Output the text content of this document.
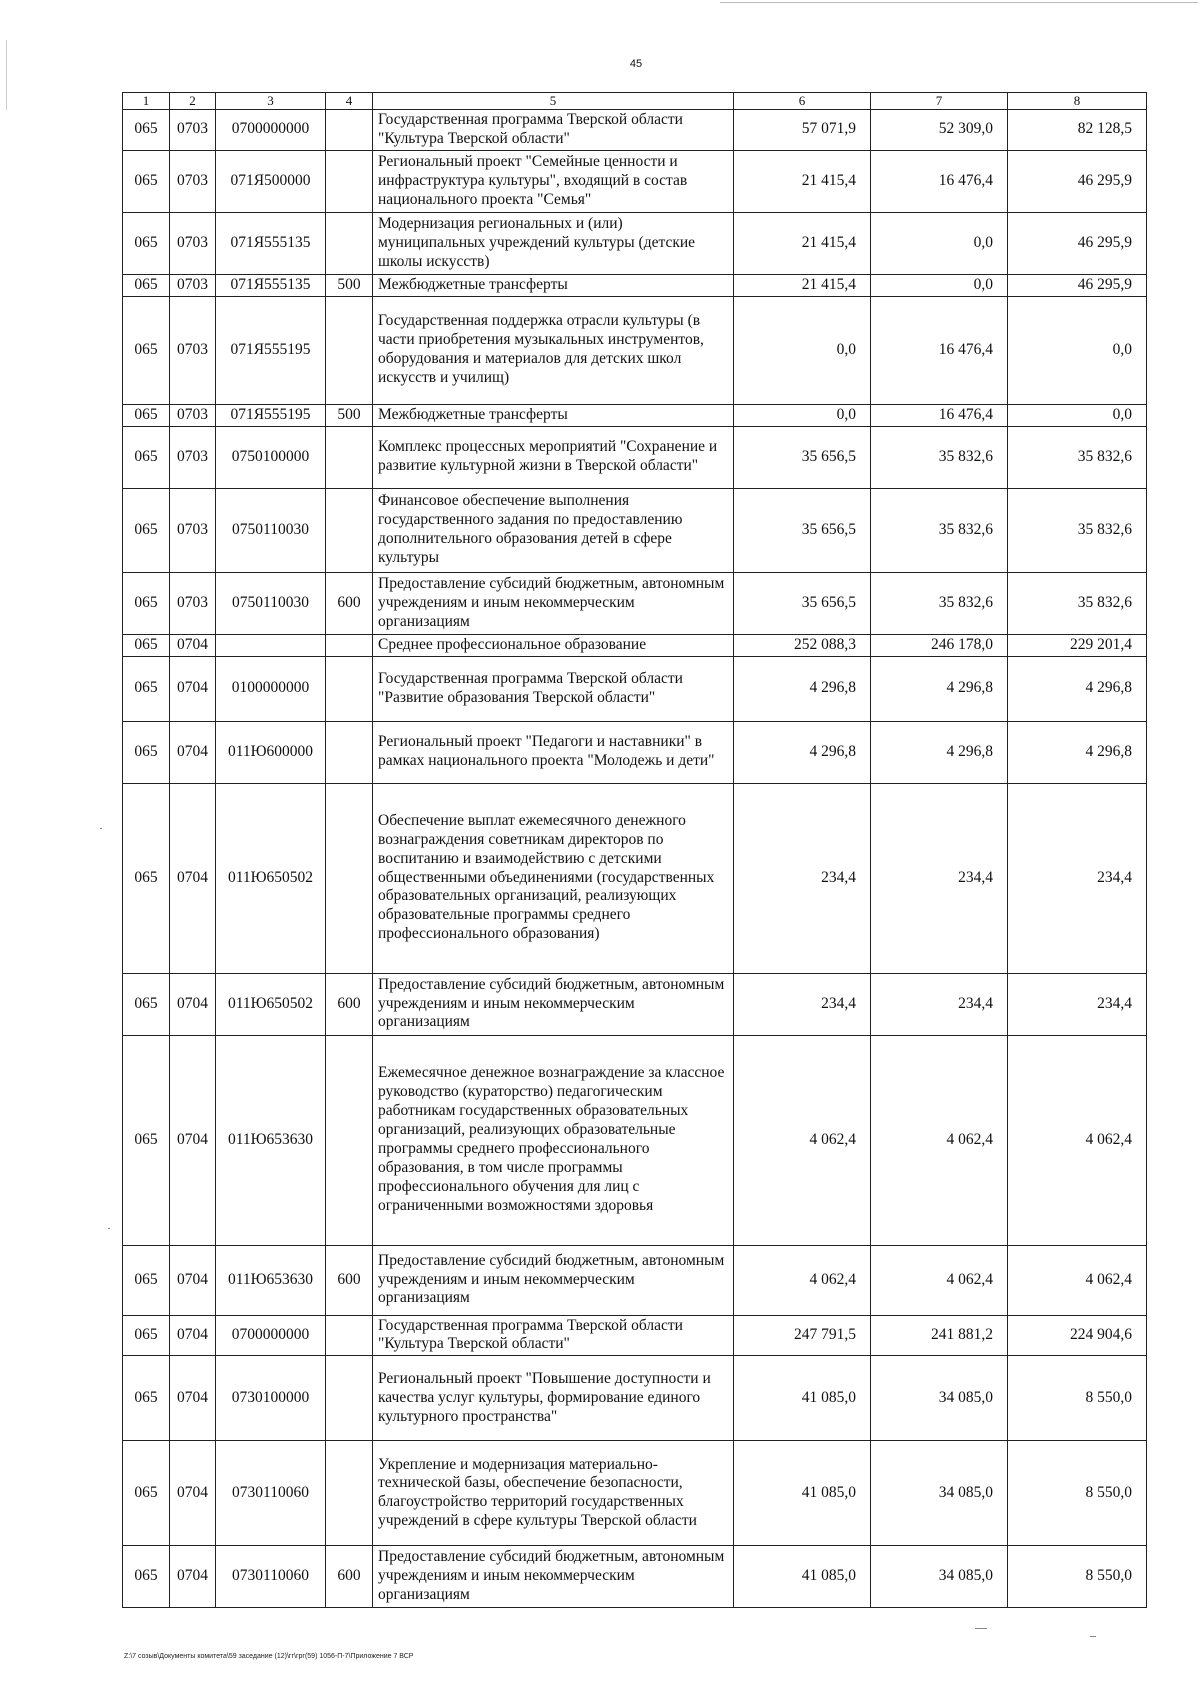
45
1	2	3	4	5	6	7	8
065	0703	0700000000		Государственная программа Тверской области "Культура Тверской области"	57 071,9	52 309,0	82 128,5
065	0703	071Я500000		Региональный проект "Семейные ценности и инфраструктура культуры", входящий в состав национального проекта "Семья"	21 415,4	16 476,4	46 295,9
065	0703	071Я555135		Модернизация региональных и (или) муниципальных учреждений культуры (детские школы искусств)	21 415,4	0,0	46 295,9
065	0703	071Я555135	500	Межбюджетные трансферты	21 415,4	0,0	46 295,9
065	0703	071Я555195		Государственная поддержка отрасли культуры (в части приобретения музыкальных инструментов, оборудования и материалов для детских школ искусств и училищ)	0,0	16 476,4	0,0
065	0703	071Я555195	500	Межбюджетные трансферты	0,0	16 476,4	0,0
065	0703	0750100000		Комплекс процессных мероприятий "Сохранение и развитие культурной жизни в Тверской области"	35 656,5	35 832,6	35 832,6
065	0703	0750110030		Финансовое обеспечение выполнения государственного задания по предоставлению дополнительного образования детей в сфере культуры	35 656,5	35 832,6	35 832,6
065	0703	0750110030	600	Предоставление субсидий бюджетным, автономным учреждениям и иным некоммерческим организациям	35 656,5	35 832,6	35 832,6
065	0704			Среднее профессиональное образование	252 088,3	246 178,0	229 201,4
065	0704	0100000000		Государственная программа Тверской области "Развитие образования Тверской области"	4 296,8	4 296,8	4 296,8
065	0704	011Ю600000		Региональный проект "Педагоги и наставники" в рамках национального проекта "Молодежь и дети"	4 296,8	4 296,8	4 296,8
065	0704	011Ю650502		Обеспечение выплат ежемесячного денежного вознаграждения советникам директоров по воспитанию и взаимодействию с детскими общественными объединениями (государственных образовательных организаций, реализующих образовательные программы среднего профессионального образования)	234,4	234,4	234,4
065	0704	011Ю650502	600	Предоставление субсидий бюджетным, автономным учреждениям и иным некоммерческим организациям	234,4	234,4	234,4
065	0704	011Ю653630		Ежемесячное денежное вознаграждение за классное руководство (кураторство) педагогическим работникам государственных образовательных организаций, реализующих образовательные программы среднего профессионального образования, в том числе программы профессионального обучения для лиц с ограниченными возможностями здоровья	4 062,4	4 062,4	4 062,4
065	0704	011Ю653630	600	Предоставление субсидий бюджетным, автономным учреждениям и иным некоммерческим организациям	4 062,4	4 062,4	4 062,4
065	0704	0700000000		Государственная программа Тверской области "Культура Тверской области"	247 791,5	241 881,2	224 904,6
065	0704	0730100000		Региональный проект "Повышение доступности и качества услуг культуры, формирование единого культурного пространства"	41 085,0	34 085,0	8 550,0
065	0704	0730110060		Укрепление и модернизация материально-технической базы, обеспечение безопасности, благоустройство территорий государственных учреждений в сфере культуры Тверской области	41 085,0	34 085,0	8 550,0
065	0704	0730110060	600	Предоставление субсидий бюджетным, автономным учреждениям и иным некоммерческим организациям	41 085,0	34 085,0	8 550,0
Z:\7 созыв\Документы комитета\59 заседание (12)\гг\грг(59) 1056-П-7\Приложение 7 ВСР
